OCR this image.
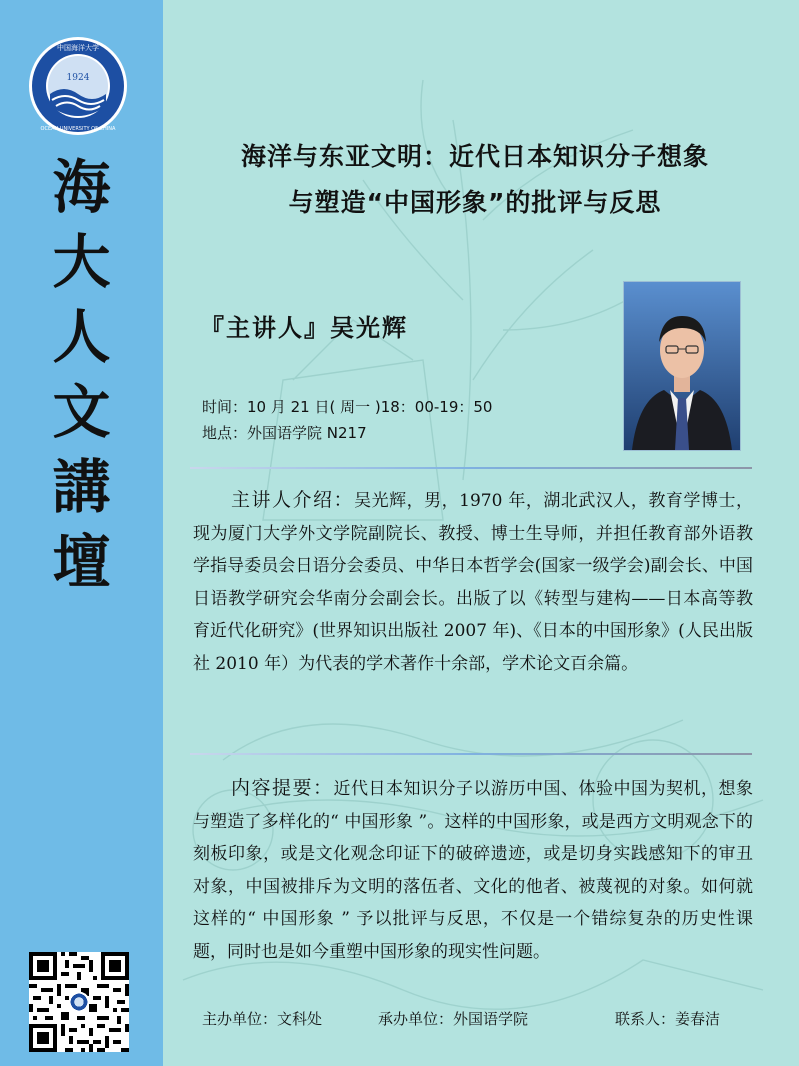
1924
中国海洋大学
OCEAN UNIVERSITY OF CHINA
海
大
人
文
講
壇
海洋与东亚文明：近代日本知识分子想象
与塑造“中国形象”的批评与反思
『主讲人』吴光辉
时间：10 月 21 日( 周一 )18：00-19：50
地点：外国语学院 N217
主讲人介绍：吴光辉，男，1970 年，湖北武汉人，教育学博士，现为厦门大学外文学院副院长、教授、博士生导师，并担任教育部外语教学指导委员会日语分会委员、中华日本哲学会(国家一级学会)副会长、中国日语教学研究会华南分会副会长。出版了以《转型与建构——日本高等教育近代化研究》(世界知识出版社 2007 年)、《日本的中国形象》(人民出版社 2010 年）为代表的学术著作十余部，学术论文百余篇。
内容提要：近代日本知识分子以游历中国、体验中国为契机，想象与塑造了多样化的“ 中国形象 ”。这样的中国形象，或是西方文明观念下的刻板印象，或是文化观念印证下的破碎遗迹，或是切身实践感知下的审丑对象，中国被排斥为文明的落伍者、文化的他者、被蔑视的对象。如何就这样的“ 中国形象 ” 予以批评与反思，不仅是一个错综复杂的历史性课题，同时也是如今重塑中国形象的现实性问题。
主办单位：文科处	承办单位：外国语学院	联系人：姜春洁
